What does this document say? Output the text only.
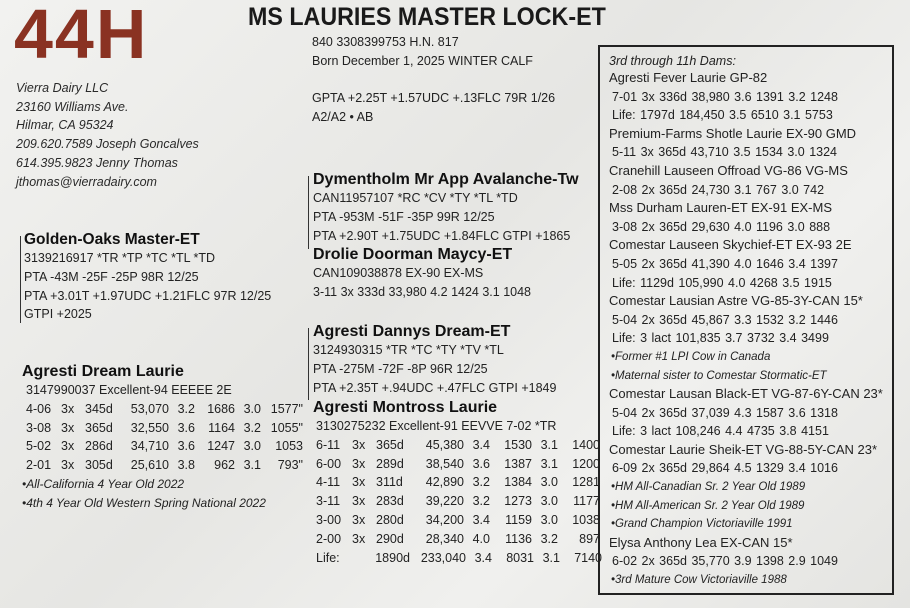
44H	MS LAURIES MASTER LOCK-ET
Vierra Dairy LLC
23160 Williams Ave.
Hilmar, CA 95324
209.620.7589 Joseph Goncalves
614.395.9823 Jenny Thomas
jthomas@vierradairy.com
840 3308399753 H.N. 817
Born December 1, 2025 WINTER CALF
GPTA +2.25T +1.57UDC +.13FLC 79R 1/26
A2/A2 • AB
Golden-Oaks Master-ET
3139216917 *TR *TP *TC *TL *TD
PTA -43M -25F -25P 98R 12/25
PTA +3.01T +1.97UDC +1.21FLC 97R 12/25
GTPI +2025
Agresti Dream Laurie
3147990037 Excellent-94 EEEEE 2E
4-06 3x 345d 53,070 3.2 1686 3.0 1577"
3-08 3x 365d 32,550 3.6 1164 3.2 1055"
5-02 3x 286d 34,710 3.6 1247 3.0 1053
2-01 3x 305d 25,610 3.8 962 3.1 793"
•All-California 4 Year Old 2022
•4th 4 Year Old Western Spring National 2022
Dymentholm Mr App Avalanche-Tw
CAN11957107 *RC *CV *TY *TL *TD
PTA -953M -51F -35P 99R 12/25
PTA +2.90T +1.75UDC +1.84FLC GTPI +1865
Drolie Doorman Maycy-ET
CAN109038878 EX-90 EX-MS
3-11 3x 333d 33,980 4.2 1424 3.1 1048
Agresti Dannys Dream-ET
3124930315 *TR *TC *TY *TV *TL
PTA -275M -72F -8P 96R 12/25
PTA +2.35T +.94UDC +.47FLC GTPI +1849
Agresti Montross Laurie
3130275232 Excellent-91 EEVVE 7-02 *TR
6-11 3x 365d 45,380 3.4 1530 3.1 1400
6-00 3x 289d 38,540 3.6 1387 3.1 1200
4-11 3x 311d 42,890 3.2 1384 3.0 1281
3-11 3x 283d 39,220 3.2 1273 3.0 1177
3-00 3x 280d 34,200 3.4 1159 3.0 1038
2-00 3x 290d 28,340 4.0 1136 3.2 897
Life:	1890d 233,040 3.4 8031 3.1 7140
3rd through 11h Dams:
Agresti Fever Laurie GP-82
7-01 3x 336d 38,980 3.6 1391 3.2 1248
Life: 1797d 184,450 3.5 6510 3.1 5753
Premium-Farms Shotle Laurie EX-90 GMD
5-11 3x 365d 43,710 3.5 1534 3.0 1324
Cranehill Lauseen Offroad VG-86 VG-MS
2-08 2x 365d 24,730 3.1 767 3.0 742
Mss Durham Lauren-ET EX-91 EX-MS
3-08 2x 365d 29,630 4.0 1196 3.0 888
Comestar Lauseen Skychief-ET EX-93 2E
5-05 2x 365d 41,390 4.0 1646 3.4 1397
Life: 1129d 105,990 4.0 4268 3.5 1915
Comestar Lausian Astre VG-85-3Y-CAN 15*
5-04 2x 365d 45,867 3.3 1532 3.2 1446
Life: 3 lact 101,835 3.7 3732 3.4 3499
•Former #1 LPI Cow in Canada
•Maternal sister to Comestar Stormatic-ET
Comestar Lausan Black-ET VG-87-6Y-CAN 23*
5-04 2x 365d 37,039 4.3 1587 3.6 1318
Life: 3 lact 108,246 4.4 4735 3.8 4151
Comestar Laurie Sheik-ET VG-88-5Y-CAN 23*
6-09 2x 365d 29,864 4.5 1329 3.4 1016
•HM All-Canadian Sr. 2 Year Old 1989
•HM All-American Sr. 2 Year Old 1989
•Grand Champion Victoriaville 1991
Elysa Anthony Lea EX-CAN 15*
6-02 2x 365d 35,770 3.9 1398 2.9 1049
•3rd Mature Cow Victoriaville 1988
